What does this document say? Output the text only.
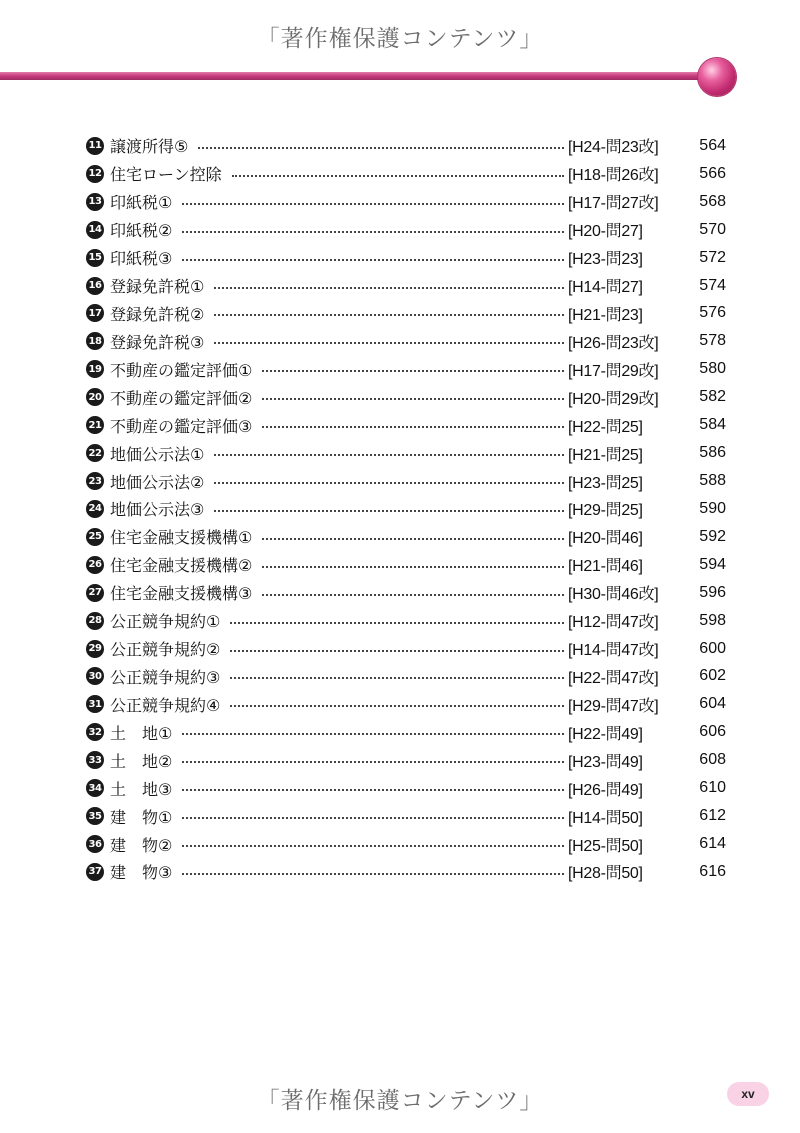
「著作権保護コンテンツ」
11 譲渡所得⑤	[H24-問23改]	564
12 住宅ローン控除	[H18-問26改]	566
13 印紙税①	[H17-問27改]	568
14 印紙税②	[H20-問27]	570
15 印紙税③	[H23-問23]	572
16 登録免許税①	[H14-問27]	574
17 登録免許税②	[H21-問23]	576
18 登録免許税③	[H26-問23改]	578
19 不動産の鑑定評価①	[H17-問29改]	580
20 不動産の鑑定評価②	[H20-問29改]	582
21 不動産の鑑定評価③	[H22-問25]	584
22 地価公示法①	[H21-問25]	586
23 地価公示法②	[H23-問25]	588
24 地価公示法③	[H29-問25]	590
25 住宅金融支援機構①	[H20-問46]	592
26 住宅金融支援機構②	[H21-問46]	594
27 住宅金融支援機構③	[H30-問46改]	596
28 公正競争規約①	[H12-問47改]	598
29 公正競争規約②	[H14-問47改]	600
30 公正競争規約③	[H22-問47改]	602
31 公正競争規約④	[H29-問47改]	604
32 土　地①	[H22-問49]	606
33 土　地②	[H23-問49]	608
34 土　地③	[H26-問49]	610
35 建　物①	[H14-問50]	612
36 建　物②	[H25-問50]	614
37 建　物③	[H28-問50]	616
「著作権保護コンテンツ」	xv
